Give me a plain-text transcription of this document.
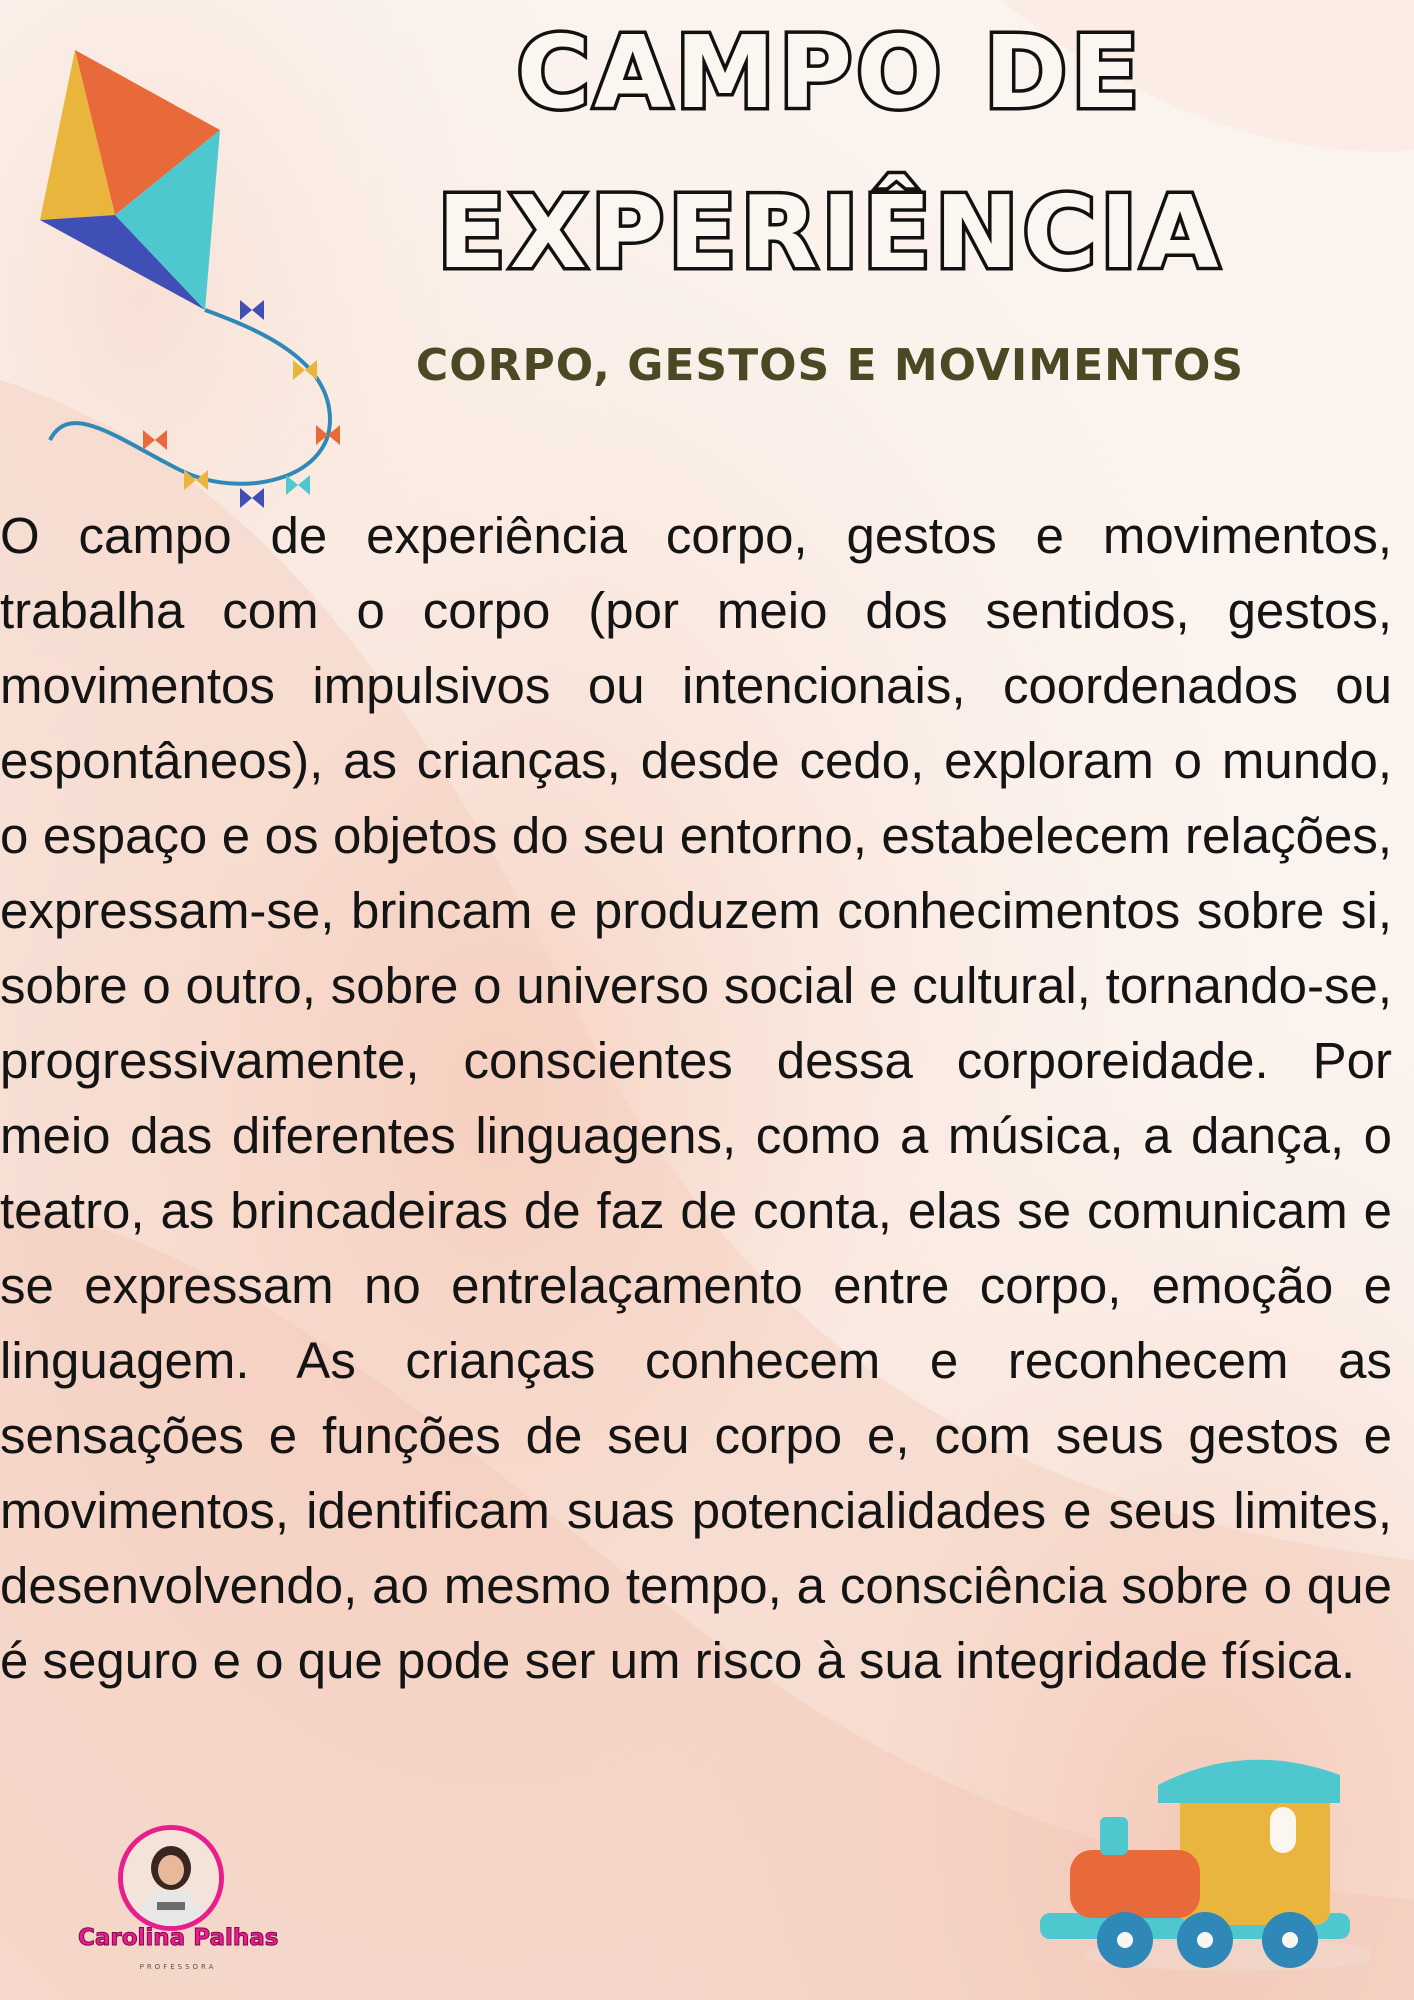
CAMPO DE
EXPERIÊNCIA
CORPO, GESTOS E MOVIMENTOS

O campo de experiência corpo, gestos e movimentos, trabalha com o corpo (por meio dos sentidos, gestos, movimentos impulsivos ou intencionais, coordenados ou espontâneos), as crianças, desde cedo, exploram o mundo, o espaço e os objetos do seu entorno, estabelecem relações, expressam-se, brincam e produzem conhecimentos sobre si, sobre o outro, sobre o universo social e cultural, tornando-se, progressivamente, conscientes dessa corporeidade. Por meio das diferentes linguagens, como a música, a dança, o teatro, as brincadeiras de faz de conta, elas se comunicam e se expressam no entrelaçamento entre corpo, emoção e linguagem. As crianças conhecem e reconhecem as sensações e funções de seu corpo e, com seus gestos e movimentos, identificam suas potencialidades e seus limites, desenvolvendo, ao mesmo tempo, a consciência sobre o que é seguro e o que pode ser um risco à sua integridade física.

Carolina Palhas
PROFESSORA
